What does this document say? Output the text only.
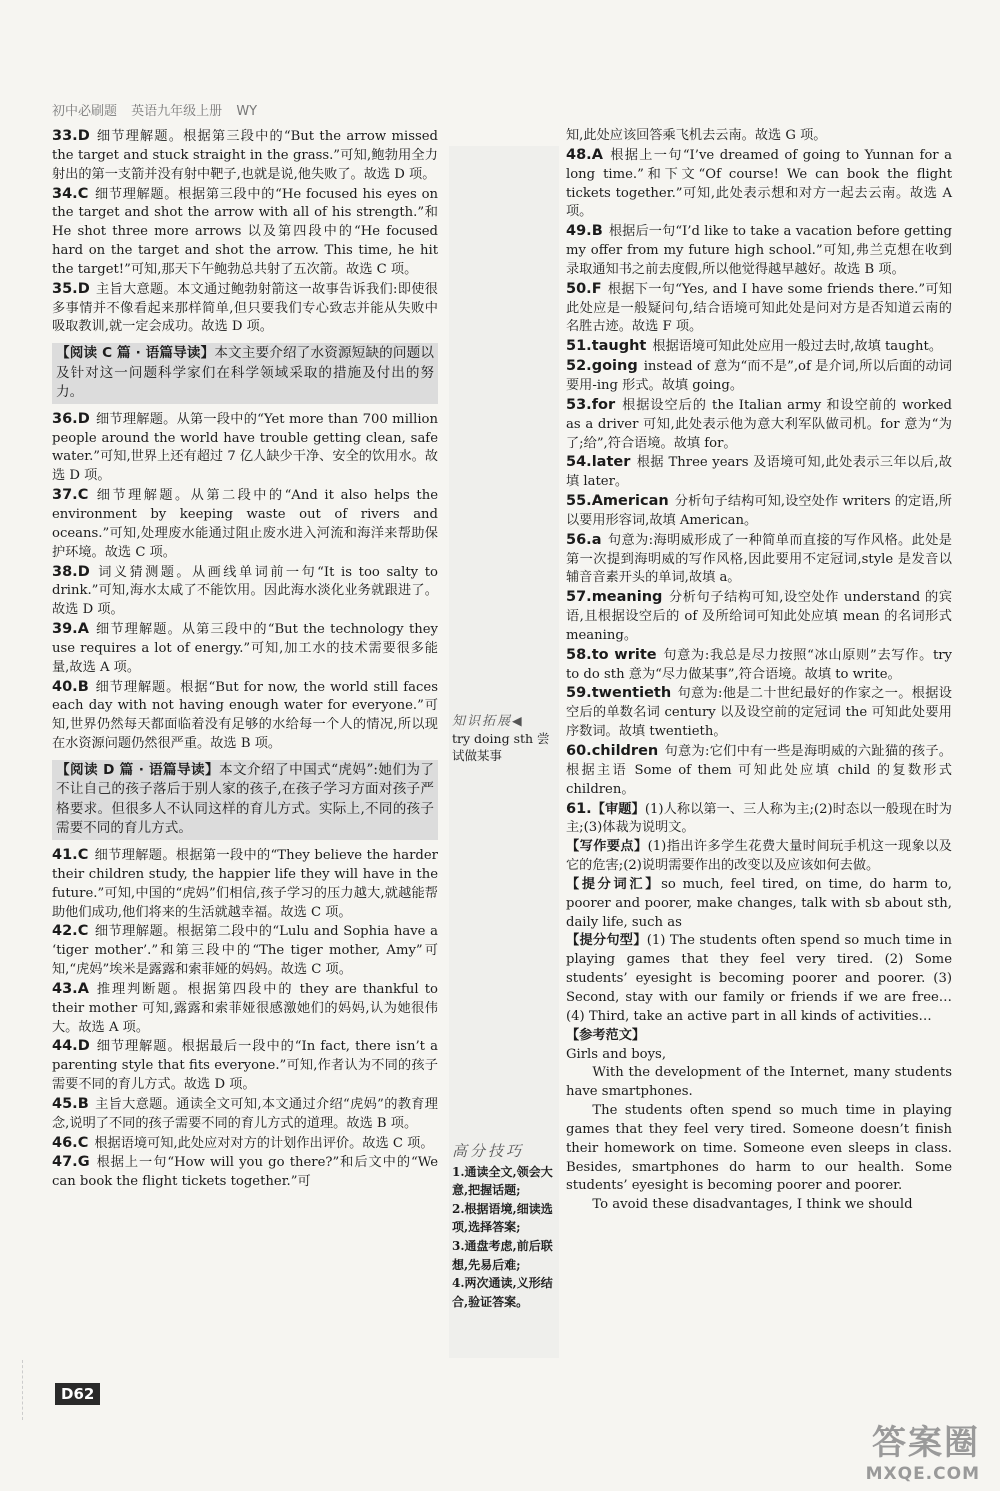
初中必刷题 英语九年级上册 WY

33.D 细节理解题。根据第三段中的“But the arrow missed the target and stuck straight in the grass.”可知,鲍勃用全力射出的第一支箭并没有射中靶子,也就是说,他失败了。故选 D 项。

34.C 细节理解题。根据第三段中的“He focused his eyes on the target and shot the arrow with all of his strength.”和 He shot three more arrows 以及第四段中的“He focused hard on the target and shot the arrow. This time, he hit the target!”可知,那天下午鲍勃总共射了五次箭。故选 C 项。

35.D 主旨大意题。本文通过鲍勃射箭这一故事告诉我们:即使很多事情并不像看起来那样简单,但只要我们专心致志并能从失败中吸取教训,就一定会成功。故选 D 项。

【阅读 C 篇 · 语篇导读】本文主要介绍了水资源短缺的问题以及针对这一问题科学家们在科学领域采取的措施及付出的努力。

36.D 细节理解题。从第一段中的“Yet more than 700 million people around the world have trouble getting clean, safe water.”可知,世界上还有超过 7 亿人缺少干净、安全的饮用水。故选 D 项。

37.C 细节理解题。从第二段中的“And it also helps the environment by keeping waste out of rivers and oceans.”可知,处理废水能通过阻止废水进入河流和海洋来帮助保护环境。故选 C 项。

38.D 词义猜测题。从画线单词前一句“It is too salty to drink.”可知,海水太咸了不能饮用。因此海水淡化业务就跟进了。故选 D 项。

39.A 细节理解题。从第三段中的“But the technology they use requires a lot of energy.”可知,加工水的技术需要很多能量,故选 A 项。

40.B 细节理解题。根据“But for now, the world still faces each day with not having enough water for everyone.”可知,世界仍然每天都面临着没有足够的水给每一个人的情况,所以现在水资源问题仍然很严重。故选 B 项。

【阅读 D 篇 · 语篇导读】本文介绍了中国式“虎妈”:她们为了不让自己的孩子落后于别人家的孩子,在孩子学习方面对孩子严格要求。但很多人不认同这样的育儿方式。实际上,不同的孩子需要不同的育儿方式。

41.C 细节理解题。根据第一段中的“They believe the harder their children study, the happier life they will have in the future.”可知,中国的“虎妈”们相信,孩子学习的压力越大,就越能帮助他们成功,他们将来的生活就越幸福。故选 C 项。

42.C 细节理解题。根据第二段中的“Lulu and Sophia have a ‘tiger mother’.”和第三段中的“The tiger mother, Amy”可知,“虎妈”埃米是露露和索菲娅的妈妈。故选 C 项。

43.A 推理判断题。根据第四段中的 they are thankful to their mother 可知,露露和索菲娅很感激她们的妈妈,认为她很伟大。故选 A 项。

44.D 细节理解题。根据最后一段中的“In fact, there isn’t a parenting style that fits everyone.”可知,作者认为不同的孩子需要不同的育儿方式。故选 D 项。

45.B 主旨大意题。通读全文可知,本文通过介绍“虎妈”的教育理念,说明了不同的孩子需要不同的育儿方式的道理。故选 B 项。

46.C 根据语境可知,此处应对对方的计划作出评价。故选 C 项。

47.G 根据上一句“How will you go there?”和后文中的“We can book the flight tickets together.”可

知识拓展◀
try doing sth 尝试做某事
高分技巧
1.通读全文,领会大意,把握话题;
2.根据语境,细读选项,选择答案;
3.通盘考虑,前后联想,先易后难;
4.两次通读,义形结合,验证答案。

知,此处应该回答乘飞机去云南。故选 G 项。

48.A 根据上一句“I’ve dreamed of going to Yunnan for a long time.”和下文“Of course! We can book the flight tickets together.”可知,此处表示想和对方一起去云南。故选 A 项。

49.B 根据后一句“I’d like to take a vacation before getting my offer from my future high school.”可知,弗兰克想在收到录取通知书之前去度假,所以他觉得越早越好。故选 B 项。

50.F 根据下一句“Yes, and I have some friends there.”可知此处应是一般疑问句,结合语境可知此处是问对方是否知道云南的名胜古迹。故选 F 项。

51.taught 根据语境可知此处应用一般过去时,故填 taught。

52.going instead of 意为“而不是”,of 是介词,所以后面的动词要用-ing 形式。故填 going。

53.for 根据设空后的 the Italian army 和设空前的 worked as a driver 可知,此处表示他为意大利军队做司机。for 意为“为了;给”,符合语境。故填 for。

54.later 根据 Three years 及语境可知,此处表示三年以后,故填 later。

55.American 分析句子结构可知,设空处作 writers 的定语,所以要用形容词,故填 American。

56.a 句意为:海明威形成了一种简单而直接的写作风格。此处是第一次提到海明威的写作风格,因此要用不定冠词,style 是发音以辅音音素开头的单词,故填 a。

57.meaning 分析句子结构可知,设空处作 understand 的宾语,且根据设空后的 of 及所给词可知此处应填 mean 的名词形式 meaning。

58.to write 句意为:我总是尽力按照“冰山原则”去写作。try to do sth 意为“尽力做某事”,符合语境。故填 to write。

59.twentieth 句意为:他是二十世纪最好的作家之一。根据设空后的单数名词 century 以及设空前的定冠词 the 可知此处要用序数词。故填 twentieth。

60.children 句意为:它们中有一些是海明威的六趾猫的孩子。根据主语 Some of them 可知此处应填 child 的复数形式 children。

61.【审题】(1)人称以第一、三人称为主;(2)时态以一般现在时为主;(3)体裁为说明文。

【写作要点】(1)指出许多学生花费大量时间玩手机这一现象以及它的危害;(2)说明需要作出的改变以及应该如何去做。

【提分词汇】so much, feel tired, on time, do harm to, poorer and poorer, make changes, talk with sb about sth, daily life, such as

【提分句型】(1) The students often spend so much time in playing games that they feel very tired. (2) Some students’ eyesight is becoming poorer and poorer. (3) Second, stay with our family or friends if we are free… (4) Third, take an active part in all kinds of activities…

【参考范文】

Girls and boys,

With the development of the Internet, many students have smartphones.

The students often spend so much time in playing games that they feel very tired. Someone doesn’t finish their homework on time. Someone even sleeps in class. Besides, smartphones do harm to our health. Some students’ eyesight is becoming poorer and poorer.

To avoid these disadvantages, I think we should

D62
答案圈
MXQE.COM
